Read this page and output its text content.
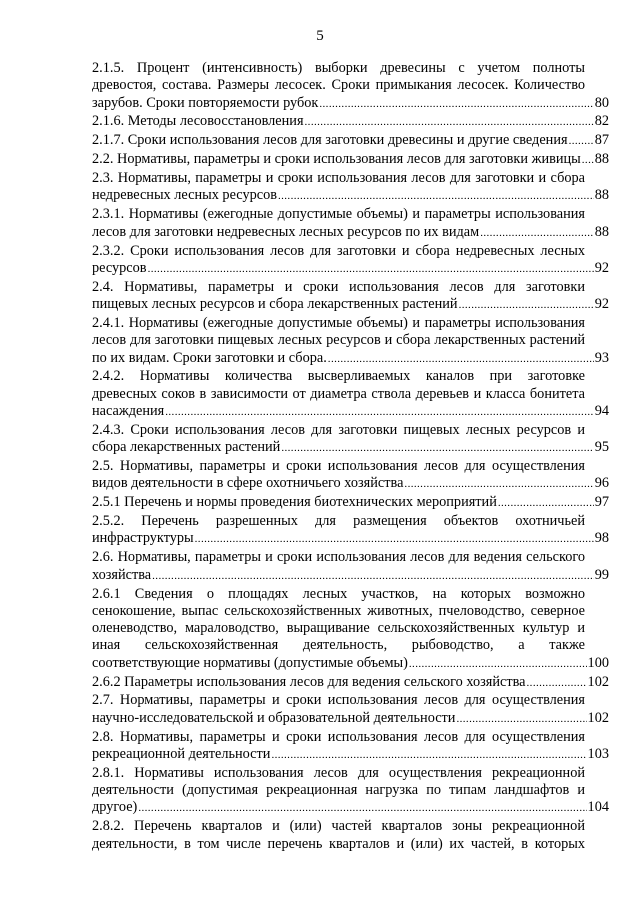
5
2.1.5. Процент (интенсивность) выборки древесины с учетом полноты
древостоя, состава. Размеры лесосек. Сроки примыкания лесосек. Количество
зарубов. Сроки повторяемости рубок .....	80
2.1.6. Методы лесовосстановления .....	82
2.1.7. Сроки использования лесов для заготовки древесины и другие сведения ..... 87
2.2. Нормативы, параметры и сроки использования лесов для заготовки живицы ..... 88
2.3. Нормативы, параметры и сроки использования лесов для заготовки и сбора
недревесных лесных ресурсов .....	88
2.3.1. Нормативы (ежегодные допустимые объемы) и параметры использования
лесов для заготовки недревесных лесных ресурсов по их видам .....	88
2.3.2. Сроки использования лесов для заготовки и сбора недревесных лесных
ресурсов .....	92
2.4. Нормативы, параметры и сроки использования лесов для заготовки
пищевых лесных ресурсов и сбора лекарственных растений .....	92
2.4.1. Нормативы (ежегодные допустимые объемы) и параметры использования
лесов для заготовки пищевых лесных ресурсов и сбора лекарственных растений
по их видам. Сроки заготовки и сбора. .....	93
2.4.2. Нормативы количества высверливаемых каналов при заготовке
древесных соков в зависимости от диаметра ствола деревьев и класса бонитета
насаждения .....	94
2.4.3. Сроки использования лесов для заготовки пищевых лесных ресурсов и
сбора лекарственных растений .....	95
2.5. Нормативы, параметры и сроки использования лесов для осуществления
видов деятельности в сфере охотничьего хозяйства .....	96
2.5.1 Перечень и нормы проведения биотехнических мероприятий .....	97
2.5.2. Перечень разрешенных для размещения объектов охотничьей
инфраструктуры .....	98
2.6. Нормативы, параметры и сроки использования лесов для ведения сельского
хозяйства .....	99
2.6.1 Сведения о площадях лесных участков, на которых возможно
сенокошение, выпас сельскохозяйственных животных, пчеловодство, северное
оленеводство, мараловодство, выращивание сельскохозяйственных культур и
иная сельскохозяйственная деятельность, рыбоводство, а также
соответствующие нормативы (допустимые объемы) .....	100
2.6.2 Параметры использования лесов для ведения сельского хозяйства .....	102
2.7. Нормативы, параметры и сроки использования лесов для осуществления
научно-исследовательской и образовательной деятельности .....	102
2.8. Нормативы, параметры и сроки использования лесов для осуществления
рекреационной деятельности .....	103
2.8.1. Нормативы использования лесов для осуществления рекреационной
деятельности (допустимая рекреационная нагрузка по типам ландшафтов и
другое) .....	104
2.8.2. Перечень кварталов и (или) частей кварталов зоны рекреационной
деятельности, в том числе перечень кварталов и (или) их частей, в которых
